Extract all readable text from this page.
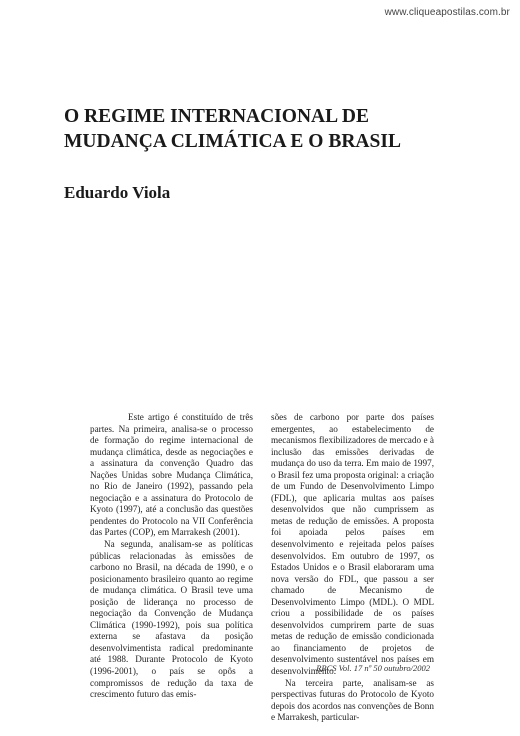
www.cliqueapostilas.com.br
O REGIME INTERNACIONAL DE
MUDANÇA CLIMÁTICA E O BRASIL
Eduardo Viola

Este artigo é constituído de três partes. Na primeira, analisa-se o processo de formação do regime internacional de mudança climática, desde as negociações e a assinatura da convenção Quadro das Nações Unidas sobre Mudança Climática, no Rio de Janeiro (1992), passando pela negociação e a assinatura do Protocolo de Kyoto (1997), até a conclusão das questões pendentes do Protocolo na VII Conferência das Partes (COP), em Marrakesh (2001).

Na segunda, analisam-se as políticas públicas relacionadas às emissões de carbono no Brasil, na década de 1990, e o posicionamento brasileiro quanto ao regime de mudança climática. O Brasil teve uma posição de liderança no processo de negociação da Convenção de Mudança Climática (1990-1992), pois sua política externa se afastava da posição desenvolvimentista radical predominante até 1988. Durante Protocolo de Kyoto (1996-2001), o país se opôs a compromissos de redução da taxa de crescimento futuro das emis-

sões de carbono por parte dos países emergentes, ao estabelecimento de mecanismos flexibilizadores de mercado e à inclusão das emissões derivadas de mudança do uso da terra. Em maio de 1997, o Brasil fez uma proposta original: a criação de um Fundo de Desenvolvimento Limpo (FDL), que aplicaria multas aos países desenvolvidos que não cumprissem as metas de redução de emissões. A proposta foi apoiada pelos países em desenvolvimento e rejeitada pelos países desenvolvidos. Em outubro de 1997, os Estados Unidos e o Brasil elaboraram uma nova versão do FDL, que passou a ser chamado de Mecanismo de Desenvolvimento Limpo (MDL). O MDL criou a possibilidade de os países desenvolvidos cumprirem parte de suas metas de redução de emissão condicionada ao financiamento de projetos de desenvolvimento sustentável nos países em desenvolvimento.

Na terceira parte, analisam-se as perspectivas futuras do Protocolo de Kyoto depois dos acordos nas convenções de Bonn e Marrakesh, particular-

RBCS Vol. 17 nº 50 outubro/2002
